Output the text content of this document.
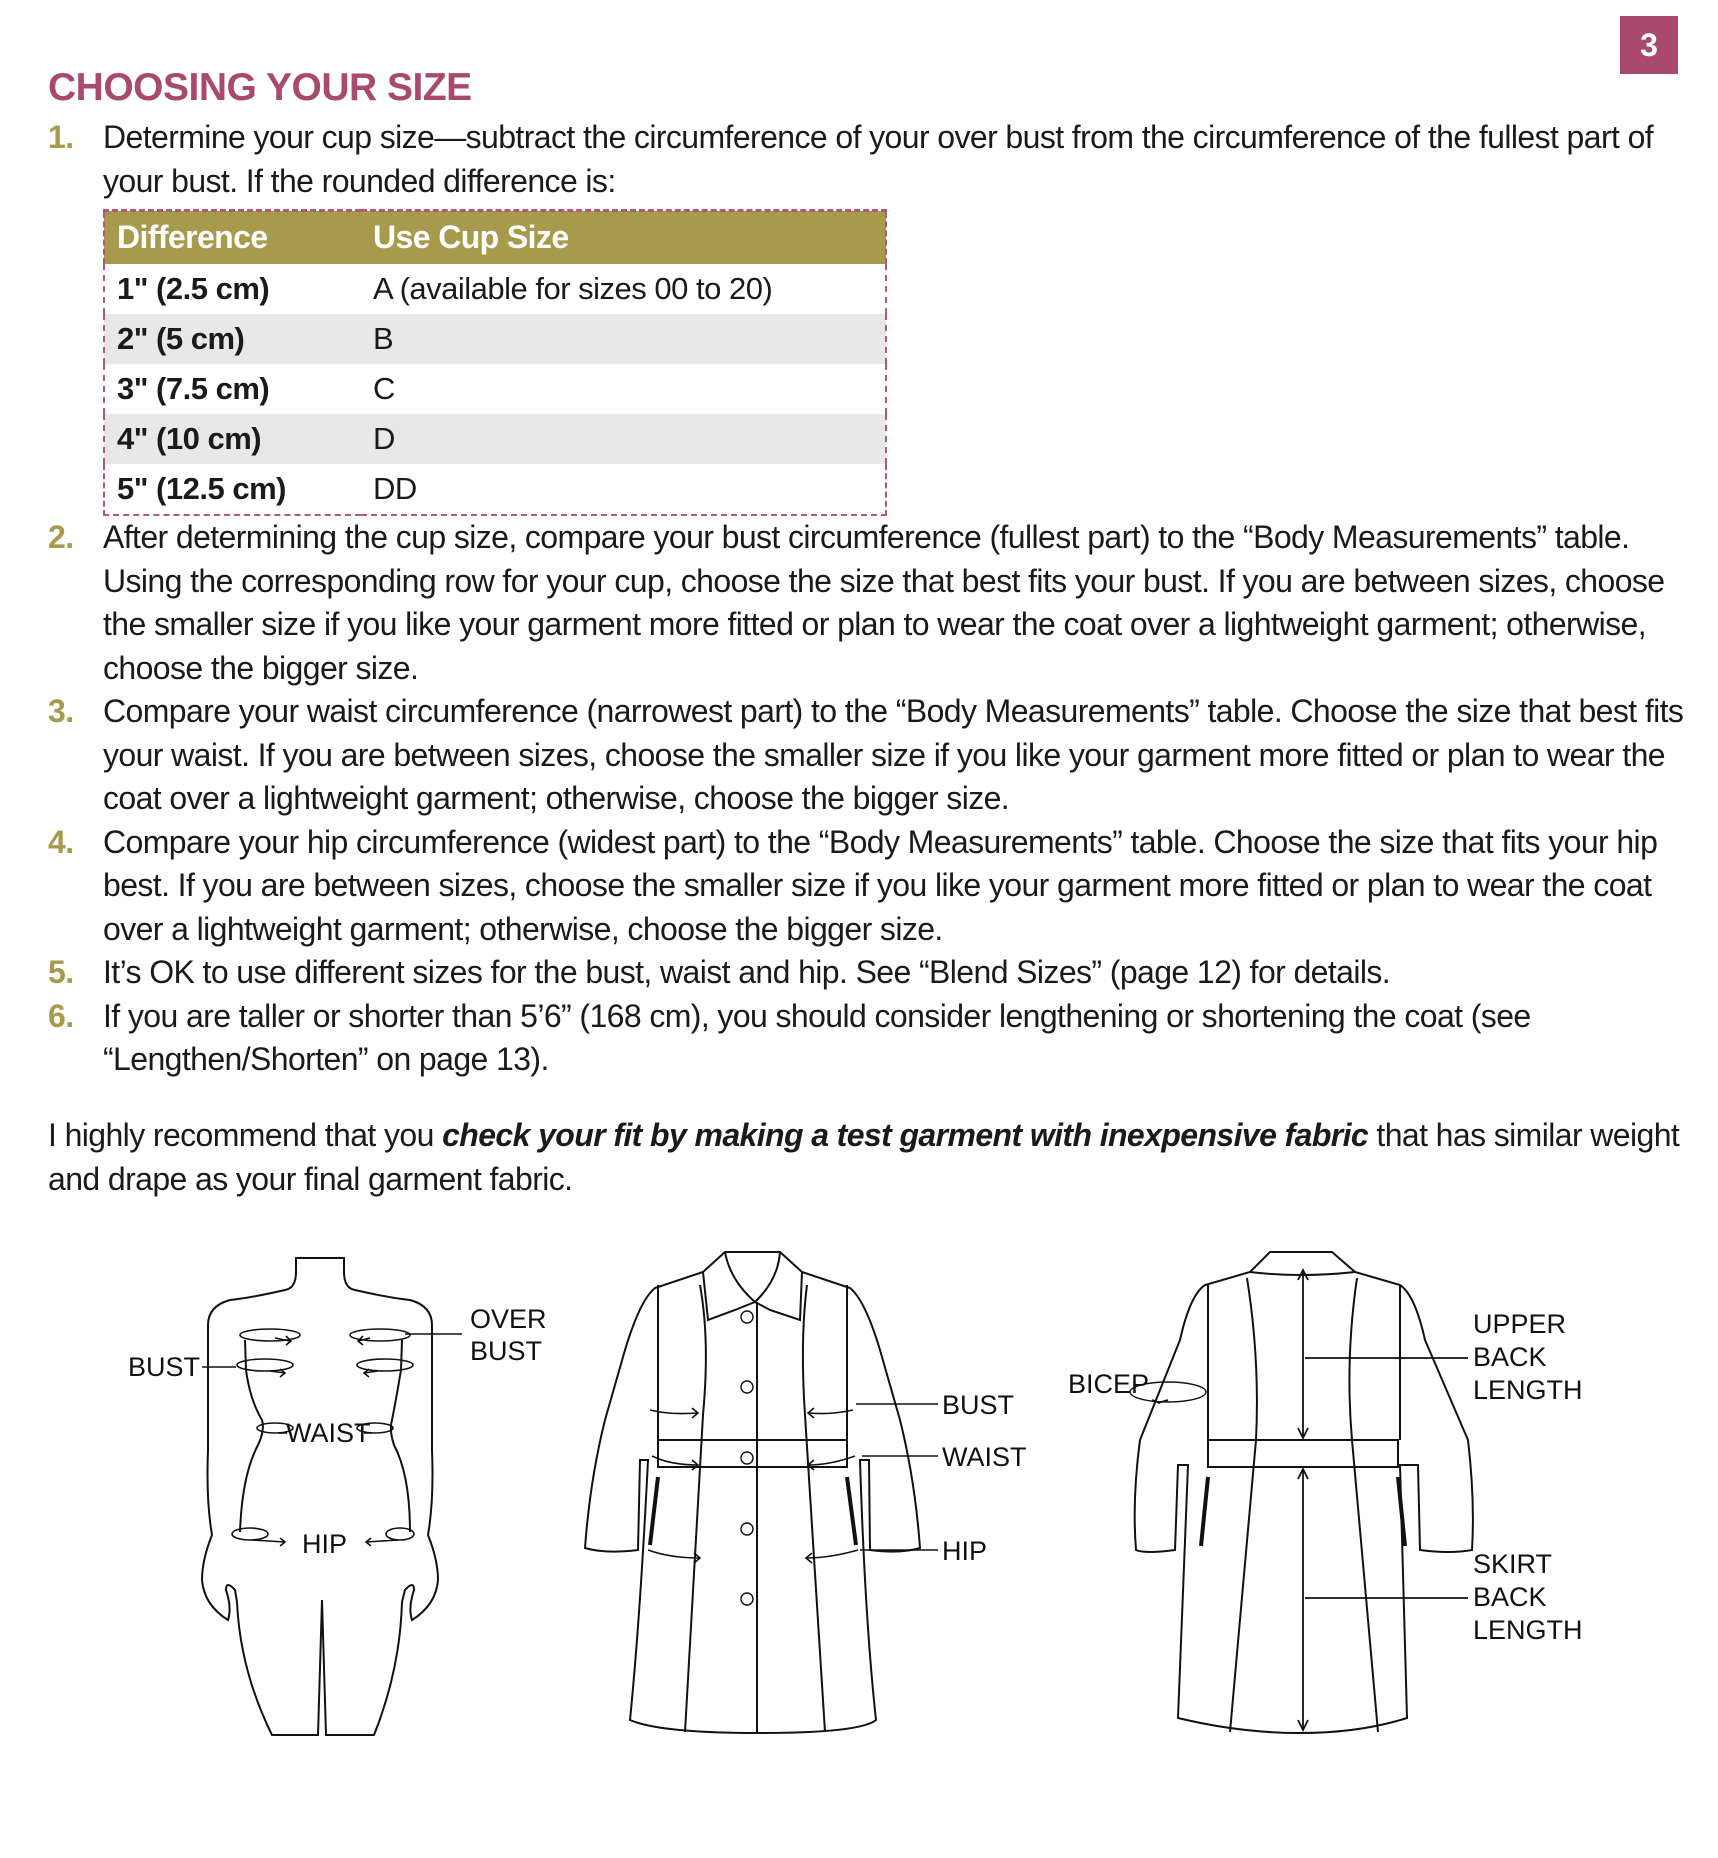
3
CHOOSING YOUR SIZE
1. Determine your cup size—subtract the circumference of your over bust from the circumference of the fullest part of your bust. If the rounded difference is:
Difference	Use Cup Size
1" (2.5 cm)	A (available for sizes 00 to 20)
2" (5 cm)	B
3" (7.5 cm)	C
4" (10 cm)	D
5" (12.5 cm)	DD
2. After determining the cup size, compare your bust circumference (fullest part) to the “Body Measurements” table. Using the corresponding row for your cup, choose the size that best fits your bust. If you are between sizes, choose the smaller size if you like your garment more fitted or plan to wear the coat over a lightweight garment; otherwise, choose the bigger size.
3. Compare your waist circumference (narrowest part) to the “Body Measurements” table. Choose the size that best fits your waist. If you are between sizes, choose the smaller size if you like your garment more fitted or plan to wear the coat over a lightweight garment; otherwise, choose the bigger size.
4. Compare your hip circumference (widest part) to the “Body Measurements” table. Choose the size that fits your hip best. If you are between sizes, choose the smaller size if you like your garment more fitted or plan to wear the coat over a lightweight garment; otherwise, choose the bigger size.
5. It’s OK to use different sizes for the bust, waist and hip. See “Blend Sizes” (page 12) for details.
6. If you are taller or shorter than 5’6” (168 cm), you should consider lengthening or shortening the coat (see “Lengthen/Shorten” on page 13).

I highly recommend that you check your fit by making a test garment with inexpensive fabric that has similar weight and drape as your final garment fabric.

BUST
OVER
BUST
WAIST
HIP
BUST
WAIST
HIP
BICEP
UPPER
BACK
LENGTH
SKIRT
BACK
LENGTH
